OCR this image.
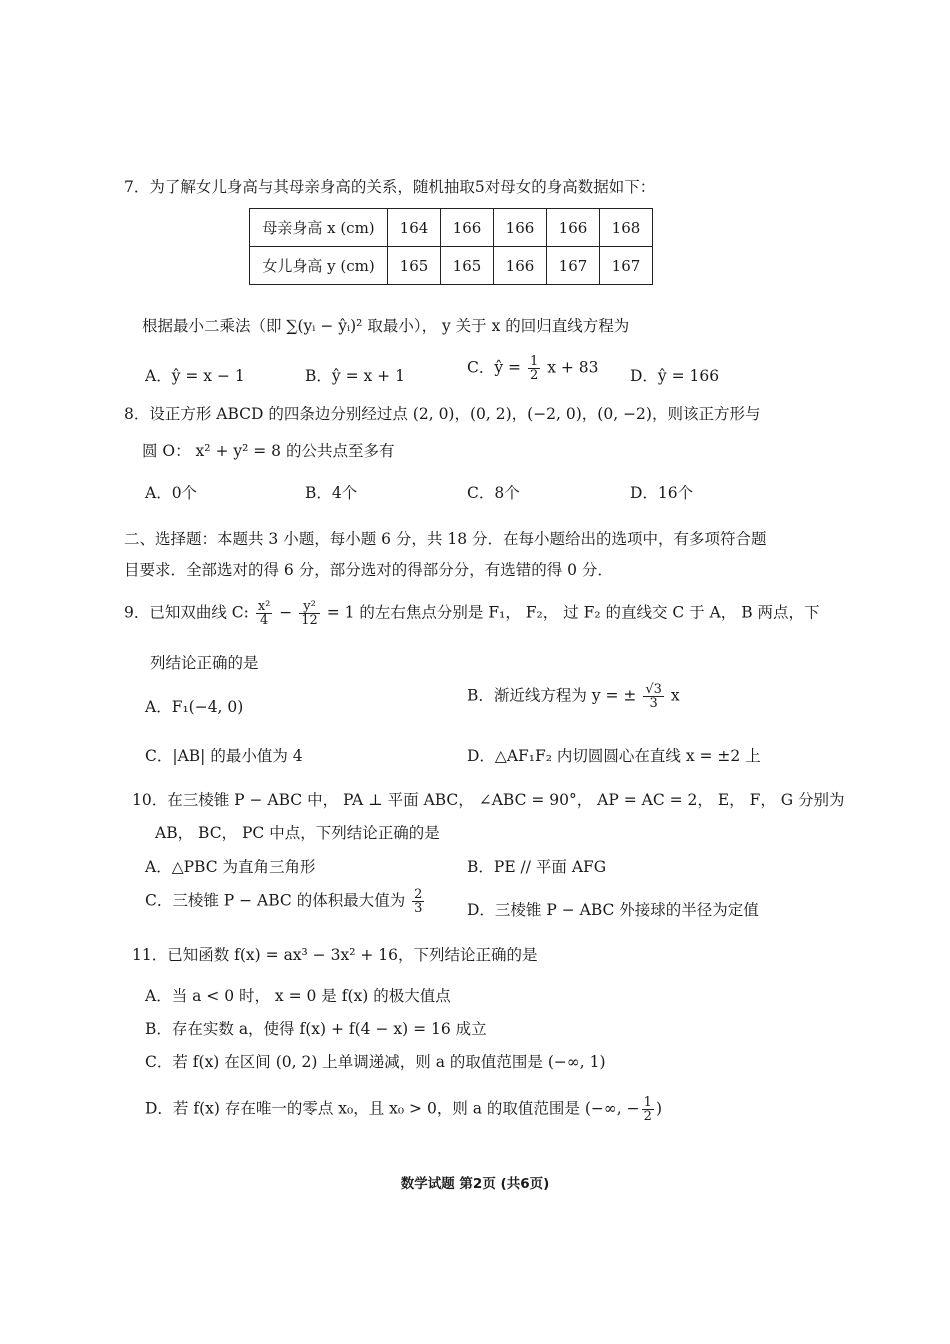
7．为了解女儿身高与其母亲身高的关系，随机抽取5对母女的身高数据如下：
母亲身高 x (cm)	164	166	166	166	168
女儿身高 y (cm)	165	165	166	167	167
根据最小二乘法（即 ∑(yᵢ − ŷᵢ)² 取最小）， y 关于 x 的回归直线方程为
A．ŷ = x − 1	B．ŷ = x + 1	C．ŷ = $\frac{1}{2}$ x + 83 D．ŷ = 166
8．设正方形 ABCD 的四条边分别经过点 (2, 0)，(0, 2)，(−2, 0)，(0, −2)，则该正方形与
圆 O： x² + y² = 8 的公共点至多有
A．0个	B．4个	C．8个	D．16个
二、选择题：本题共 3 小题，每小题 6 分，共 18 分．在每小题给出的选项中，有多项符合题
目要求．全部选对的得 6 分，部分选对的得部分分，有选错的得 0 分．
9．已知双曲线 C: $\frac{\text{x²}}{4} - \frac{\text{y²}}{12} = 1$ 的左右焦点分别是 F₁， F₂， 过 F₂ 的直线交 C 于 A， B 两点，下
列结论正确的是
A．F₁(−4, 0)
B．渐近线方程为 y = ± $\frac{√3}{3}$ x
C．|AB| 的最小值为 4	D．△AF₁F₂ 内切圆圆心在直线 x = ±2 上
10．在三棱锥 P − ABC 中， PA ⊥ 平面 ABC， ∠ABC = 90°， AP = AC = 2， E， F， G 分别为
AB， BC， PC 中点，下列结论正确的是
A．△PBC 为直角三角形	B．PE // 平面 AFG
C．三棱锥 P − ABC 的体积最大值为 $\frac{2}{3}$	D．三棱锥 P − ABC 外接球的半径为定值
11．已知函数 f(x) = ax³ − 3x² + 16，下列结论正确的是
A．当 a < 0 时， x = 0 是 f(x) 的极大值点
B．存在实数 a，使得 f(x) + f(4 − x) = 16 成立
C．若 f(x) 在区间 (0, 2) 上单调递减，则 a 的取值范围是 (−∞, 1)
D．若 f(x) 存在唯一的零点 x₀，且 x₀ > 0，则 a 的取值范围是 (−∞, − $\frac{1}{2}$ )
数学试题 第2页 (共6页)
